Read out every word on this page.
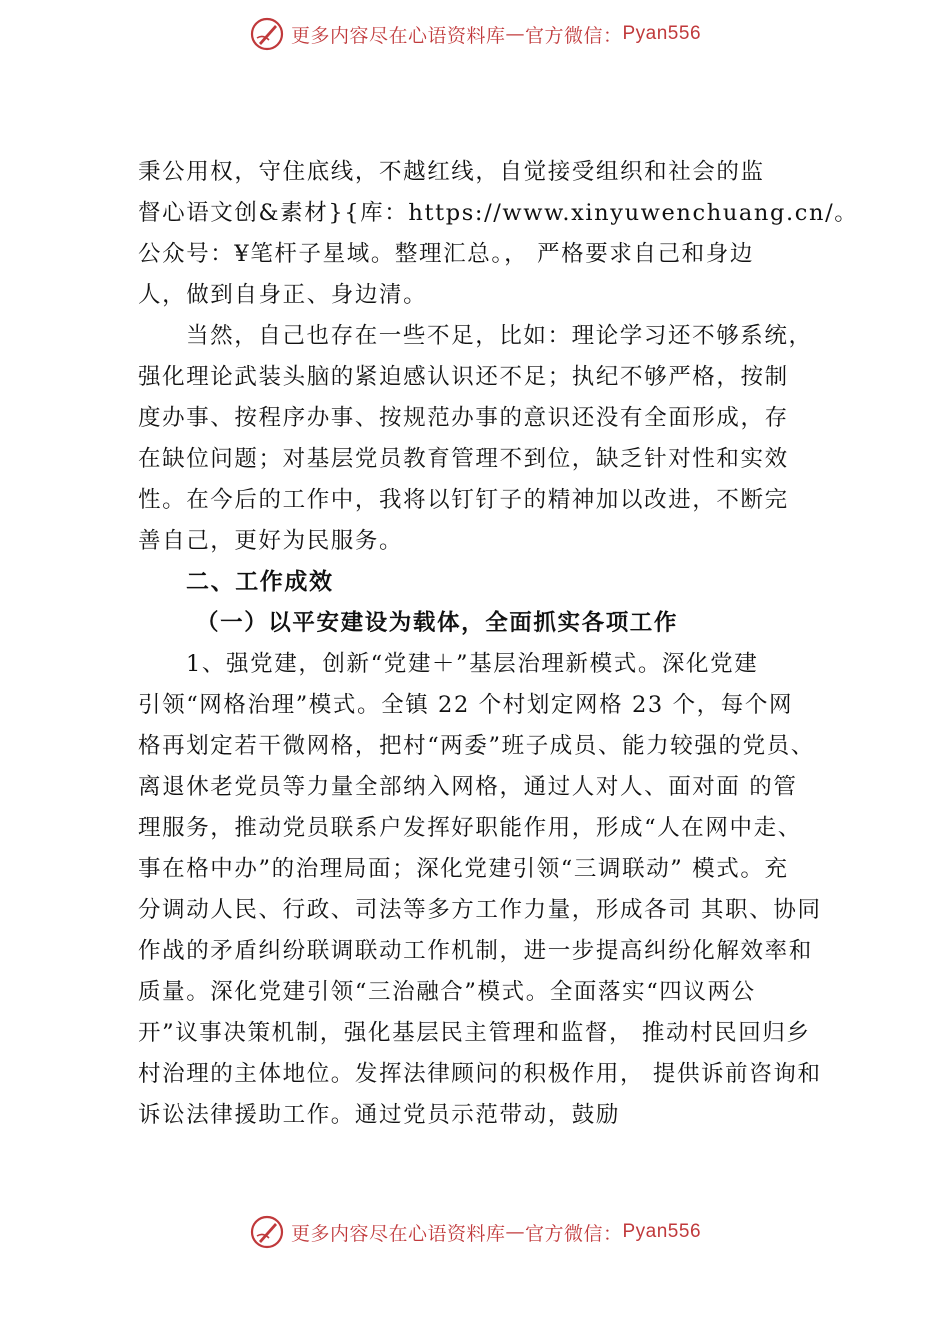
更多内容尽在心语资料库 — 官方微信： Pyan556
秉公用权，守住底线，不越红线，自觉接受组织和社会的监
督心语文创&素材}{库：https://www.xinyuwenchuang.cn/。
公众号：¥笔杆子星域。整理汇总。， 严格要求自己和身边
人，做到自身正、身边清。
当然，自己也存在一些不足，比如：理论学习还不够系统，
强化理论武装头脑的紧迫感认识还不足；执纪不够严格，按制
度办事、按程序办事、按规范办事的意识还没有全面形成，存
在缺位问题；对基层党员教育管理不到位，缺乏针对性和实效
性。在今后的工作中，我将以钉钉子的精神加以改进，不断完
善自己，更好为民服务。
二、工作成效
（一）以平安建设为载体，全面抓实各项工作
1、强党建，创新“党建＋”基层治理新模式。深化党建
引领“网格治理”模式。全镇 22 个村划定网格 23 个，每个网
格再划定若干微网格，把村“两委”班子成员、能力较强的党员、
离退休老党员等力量全部纳入网格，通过人对人、面对面 的管
理服务，推动党员联系户发挥好职能作用，形成“人在网中走、
事在格中办”的治理局面；深化党建引领“三调联动” 模式。充
分调动人民、行政、司法等多方工作力量，形成各司 其职、协同
作战的矛盾纠纷联调联动工作机制，进一步提高纠纷化解效率和
质量。深化党建引领“三治融合”模式。全面落实“四议两公
开”议事决策机制，强化基层民主管理和监督， 推动村民回归乡
村治理的主体地位。发挥法律顾问的积极作用， 提供诉前咨询和
诉讼法律援助工作。通过党员示范带动，鼓励
更多内容尽在心语资料库 — 官方微信： Pyan556
